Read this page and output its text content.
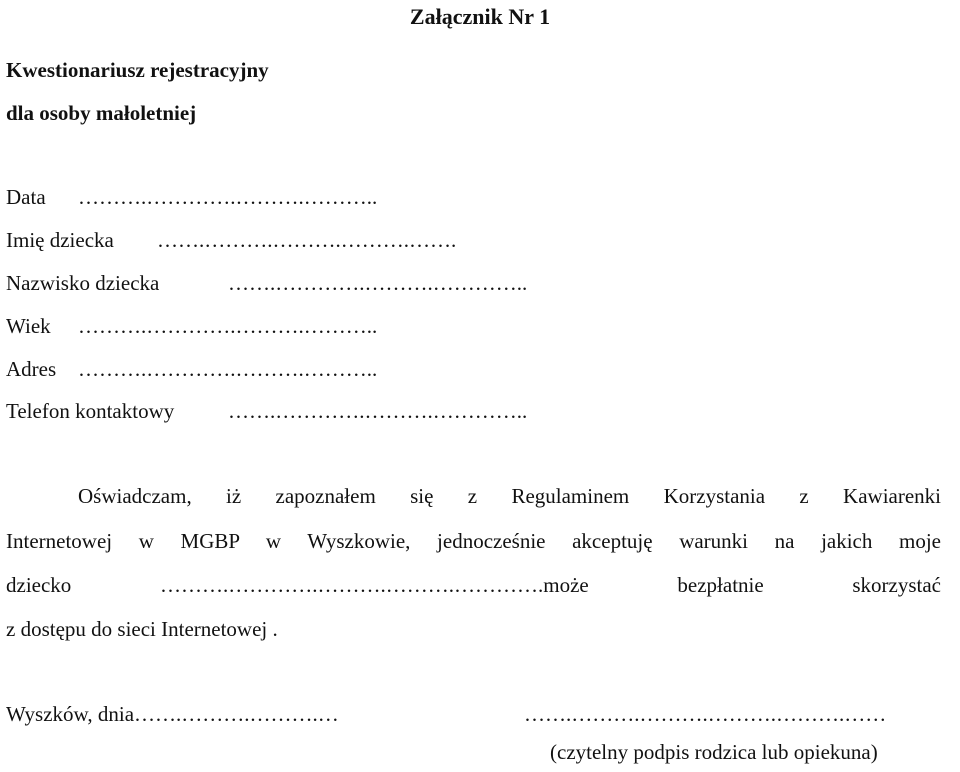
Załącznik Nr 1
Kwestionariusz rejestracyjny
dla osoby małoletniej
Data ……….………….……….………..
Imię dziecka …….……….……….……….…….
Nazwisko dziecka	…….………….……….…………..
Wiek ……….………….……….………..
Adres ……….………….……….………..
Telefon kontaktowy	…….………….……….…………..
Oświadczam, iż zapoznałem się z Regulaminem Korzystania z Kawiarenki
Internetowej w MGBP w Wyszkowie, jednocześnie akceptuję warunki na jakich moje
dziecko	……….………….……….……….………….może bezpłatnie skorzystać
z dostępu do sieci Internetowej .
Wyszków, dnia…….……….……….…	…….……….……….……….……….……
(czytelny podpis rodzica lub opiekuna)
